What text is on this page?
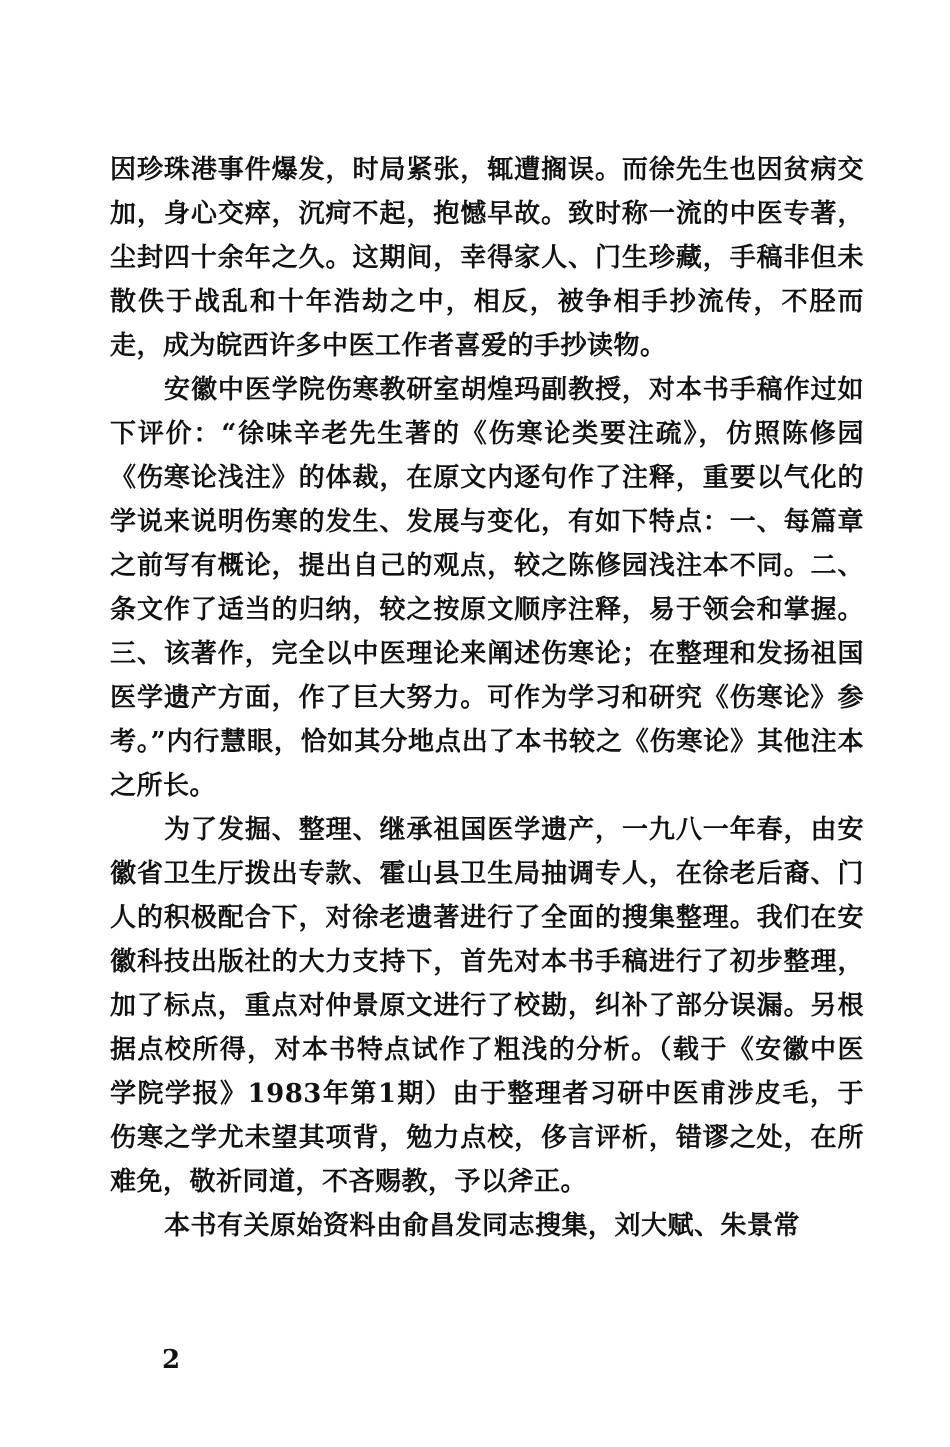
因珍珠港事件爆发，时局紧张，辄遭搁误。而徐先生也因贫病交加，身心交瘁，沉疴不起，抱憾早故。致时称一流的中医专著，尘封四十余年之久。这期间，幸得家人、门生珍藏，手稿非但未散佚于战乱和十年浩劫之中，相反，被争相手抄流传，不胫而走，成为皖西许多中医工作者喜爱的手抄读物。

安徽中医学院伤寒教研室胡煌玛副教授，对本书手稿作过如下评价：“徐味辛老先生著的《伤寒论类要注疏》，仿照陈修园《伤寒论浅注》的体裁，在原文内逐句作了注释，重要以气化的学说来说明伤寒的发生、发展与变化，有如下特点：一、每篇章之前写有概论，提出自己的观点，较之陈修园浅注本不同。二、条文作了适当的归纳，较之按原文顺序注释，易于领会和掌握。三、该著作，完全以中医理论来阐述伤寒论；在整理和发扬祖国医学遗产方面，作了巨大努力。可作为学习和研究《伤寒论》参考。”内行慧眼，恰如其分地点出了本书较之《伤寒论》其他注本之所长。

为了发掘、整理、继承祖国医学遗产，一九八一年春，由安徽省卫生厅拨出专款、霍山县卫生局抽调专人，在徐老后裔、门人的积极配合下，对徐老遗著进行了全面的搜集整理。我们在安徽科技出版社的大力支持下，首先对本书手稿进行了初步整理，加了标点，重点对仲景原文进行了校勘，纠补了部分误漏。另根据点校所得，对本书特点试作了粗浅的分析。（载于《安徽中医学院学报》1983年第1期）由于整理者习研中医甫涉皮毛，于伤寒之学尤未望其项背，勉力点校，侈言评析，错谬之处，在所难免，敬祈同道，不吝赐教，予以斧正。

本书有关原始资料由俞昌发同志搜集，刘大赋、朱景常

2
